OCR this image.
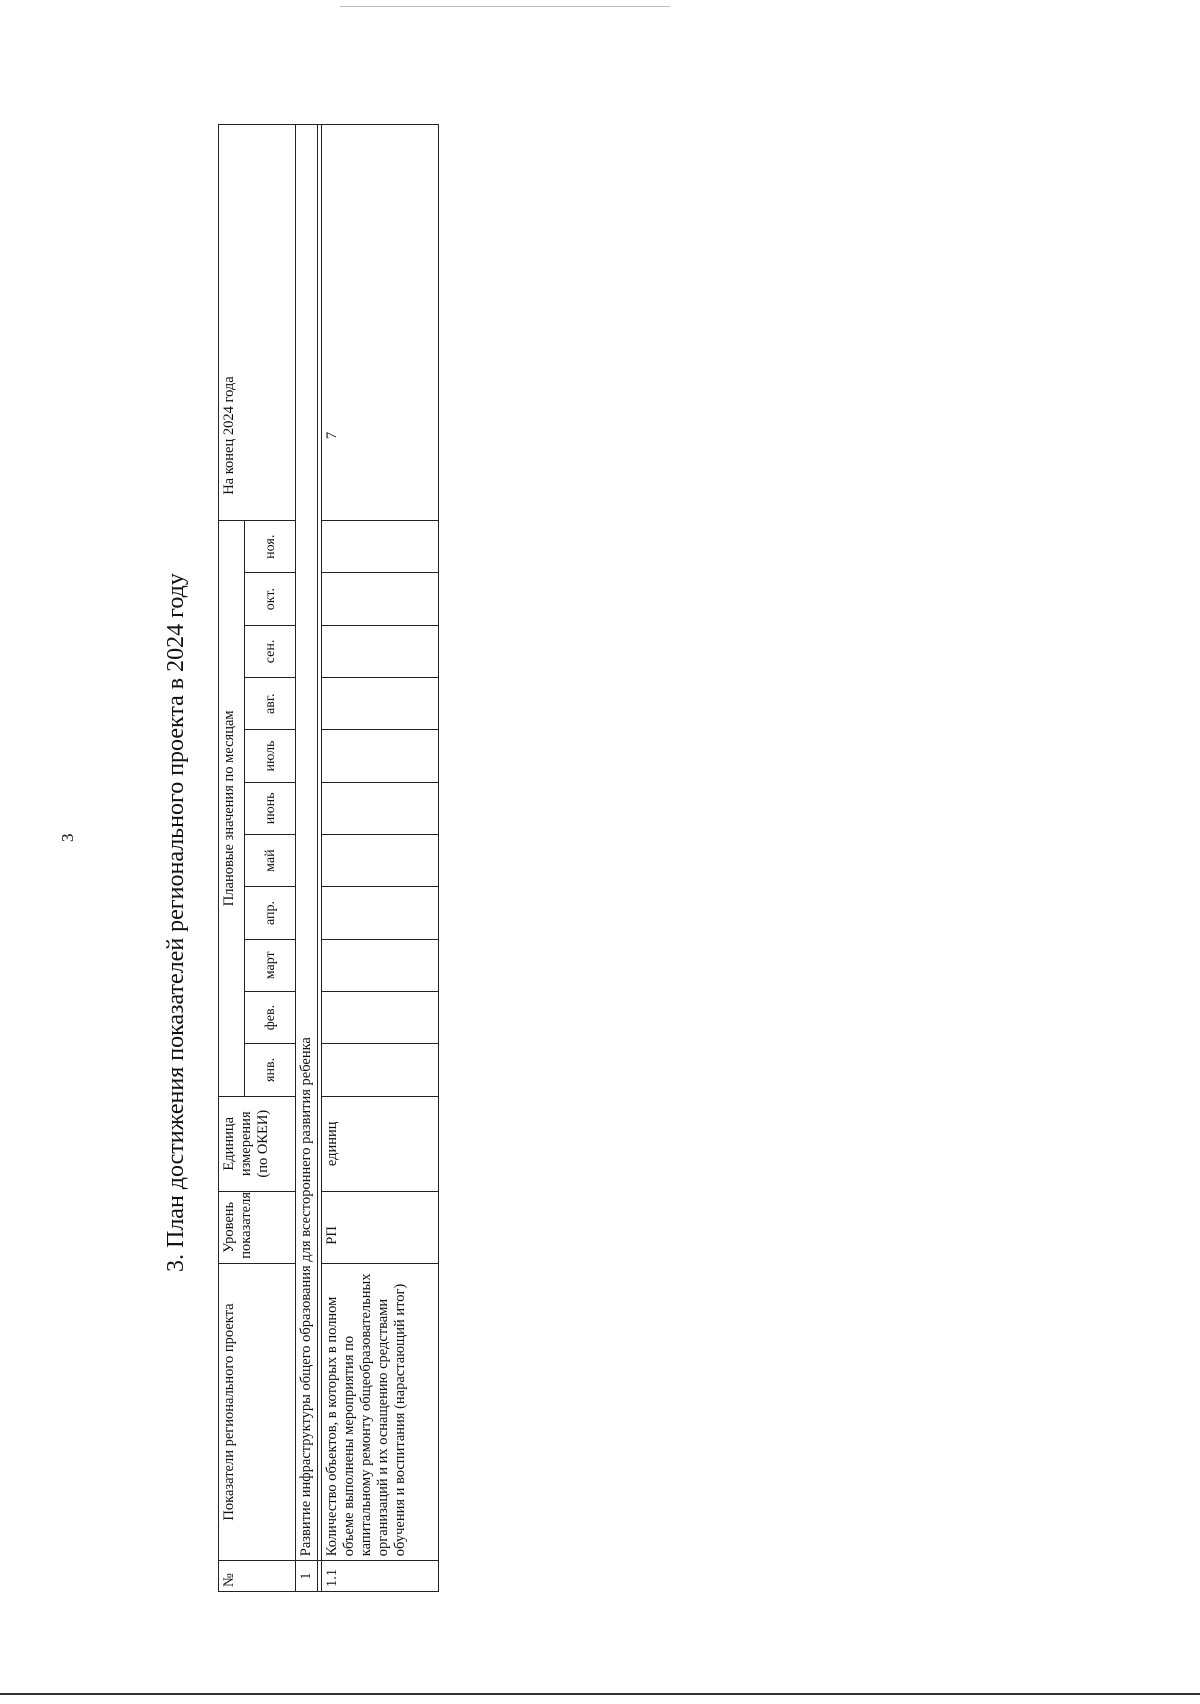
3	3. План достижения показателей регионального проекта в 2024 году
№	Показатели регионального проекта	Уровень показателя	Единица измерения (по ОКЕИ)	Плановые значения по месяцам											На конец 2024 года
				янв.	фев.	март	апр.	май	июнь	июль	авг.	сен.	окт.	ноя.	
1	Развитие инфраструктуры общего образования для всестороннего развития ребенка														

1.1	Количество объектов, в которых в полном объеме выполнены мероприятия по капитальному ремонту общеобразовательных организаций и их оснащению средствами обучения и воспитания (нарастающий итог)	РП	единиц												7
